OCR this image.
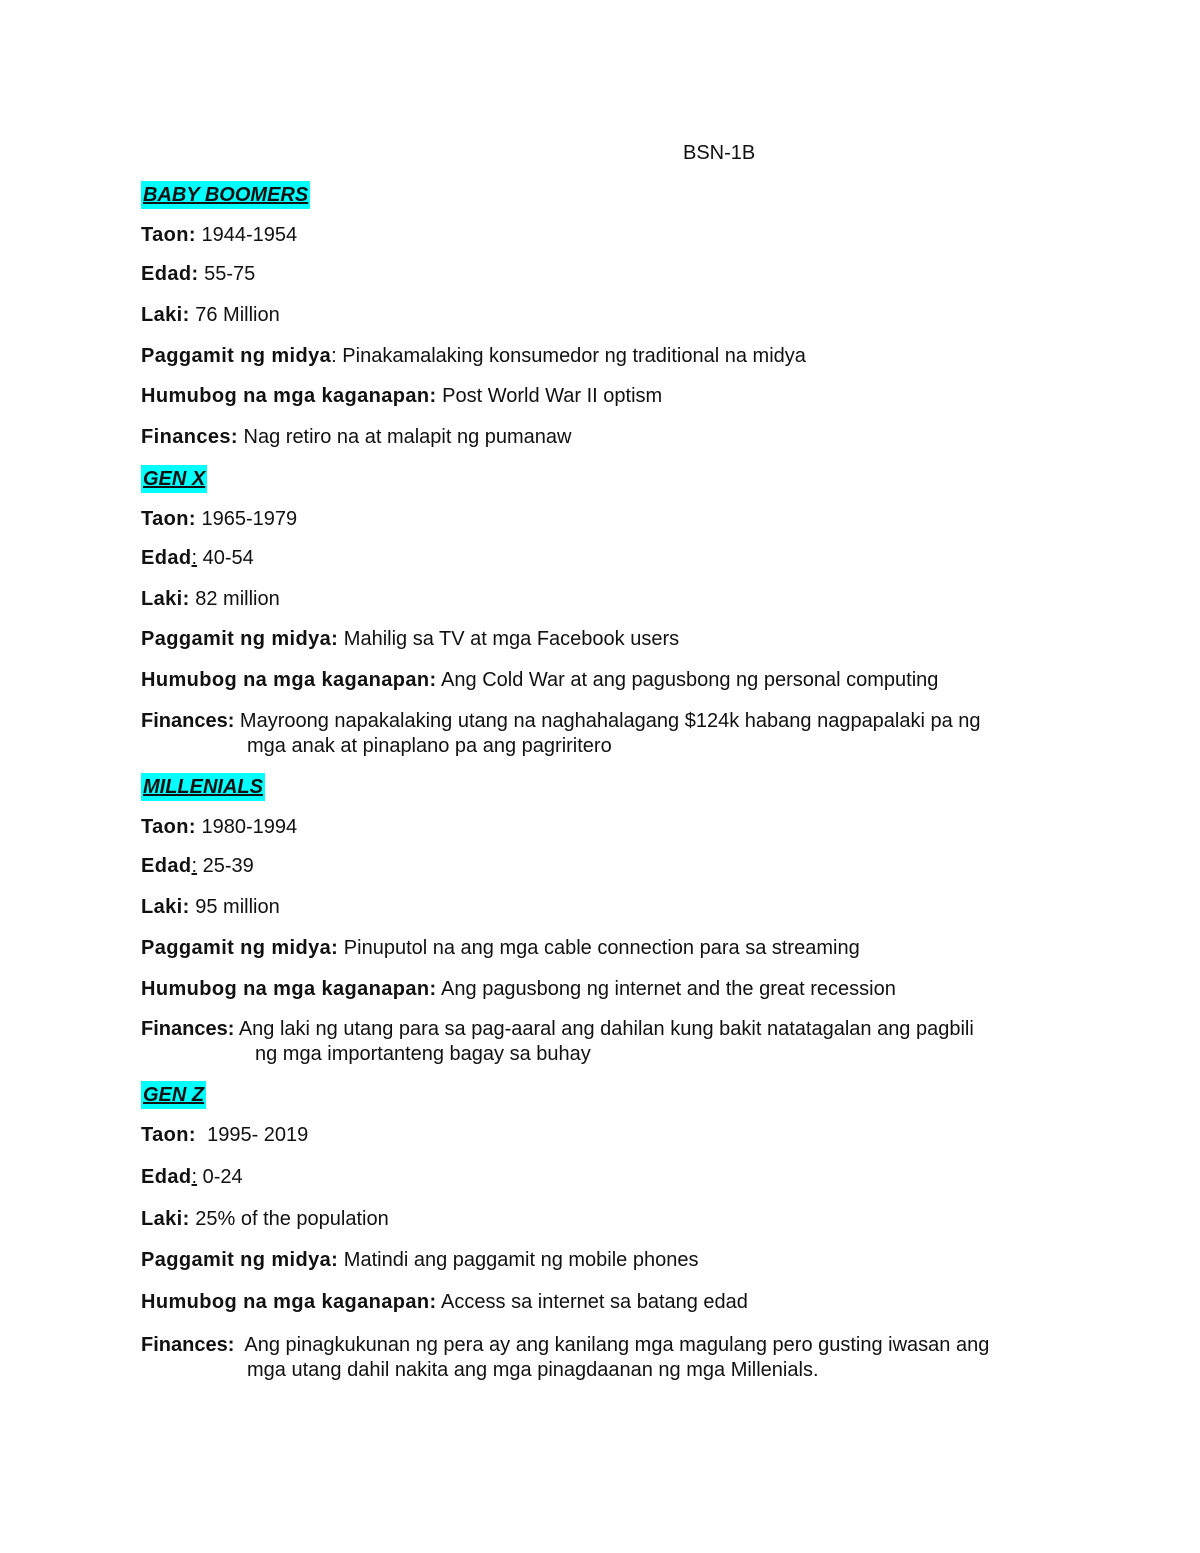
BSN-1B
BABY BOOMERS
Taon: 1944-1954
Edad: 55-75
Laki: 76 Million
Paggamit ng midya: Pinakamalaking konsumedor ng traditional na midya
Humubog na mga kaganapan: Post World War II optism
Finances: Nag retiro na at malapit ng pumanaw
GEN X
Taon: 1965-1979
Edad: 40-54
Laki: 82 million
Paggamit ng midya: Mahilig sa TV at mga Facebook users
Humubog na mga kaganapan: Ang Cold War at ang pagusbong ng personal computing
Finances: Mayroong napakalaking utang na naghahalagang $124k habang nagpapalaki pa ng
mga anak at pinaplano pa ang pagriritero
MILLENIALS
Taon: 1980-1994
Edad: 25-39
Laki: 95 million
Paggamit ng midya: Pinuputol na ang mga cable connection para sa streaming
Humubog na mga kaganapan: Ang pagusbong ng internet and the great recession
Finances: Ang laki ng utang para sa pag-aaral ang dahilan kung bakit natatagalan ang pagbili
ng mga importanteng bagay sa buhay
GEN Z
Taon: 1995- 2019
Edad: 0-24
Laki: 25% of the population
Paggamit ng midya: Matindi ang paggamit ng mobile phones
Humubog na mga kaganapan: Access sa internet sa batang edad
Finances: Ang pinagkukunan ng pera ay ang kanilang mga magulang pero gusting iwasan ang
mga utang dahil nakita ang mga pinagdaanan ng mga Millenials.
